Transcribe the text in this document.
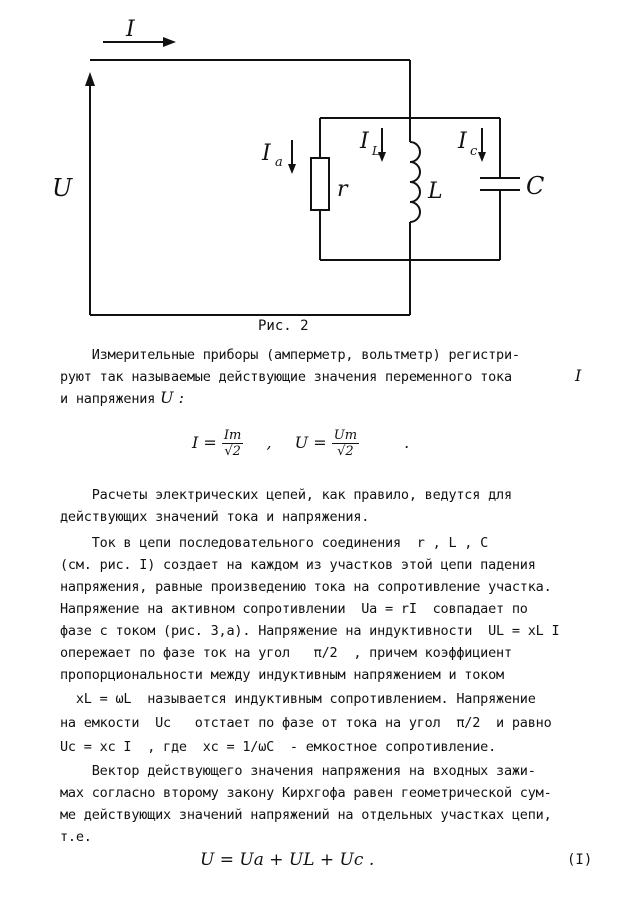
I
U
I a
I L	I c
r	L	C
Рис. 2
Измерительные приборы (амперметр, вольтметр) регистри-
руют так называемые действующие значения переменного тока	I
и напряжения U :
$I = \frac{Im}{√2}$ , $U = \frac{Um}{√2}$	.
Расчеты электрических цепей, как правило, ведутся для
действующих значений тока и напряжения.
Ток в цепи последовательного соединения  r , L , C
(см. рис. I) создает на каждом из участков этой цепи падения
напряжения, равные произведению тока на сопротивление участка.
Напряжение на активном сопротивлении  Ua = rI  совпадает по
фазе с током (рис. 3,а). Напряжение на индуктивности  UL = xL I
опережает по фазе ток на угол   π/2  , причем коэффициент
пропорциональности между индуктивным напряжением и током
xL = ωL  называется индуктивным сопротивлением. Напряжение
на емкости  Uc   отстает по фазе от тока на угол  π/2  и равно
Uc = xc I  , где  xc = 1/ωC  - емкостное сопротивление.
Вектор действующего значения напряжения на входных зажи-
мах согласно второму закону Кирхгофа равен геометрической сум-
ме действующих значений напряжений на отдельных участках цепи,
т.е.
U = Ua + UL + Uc .	(I)
